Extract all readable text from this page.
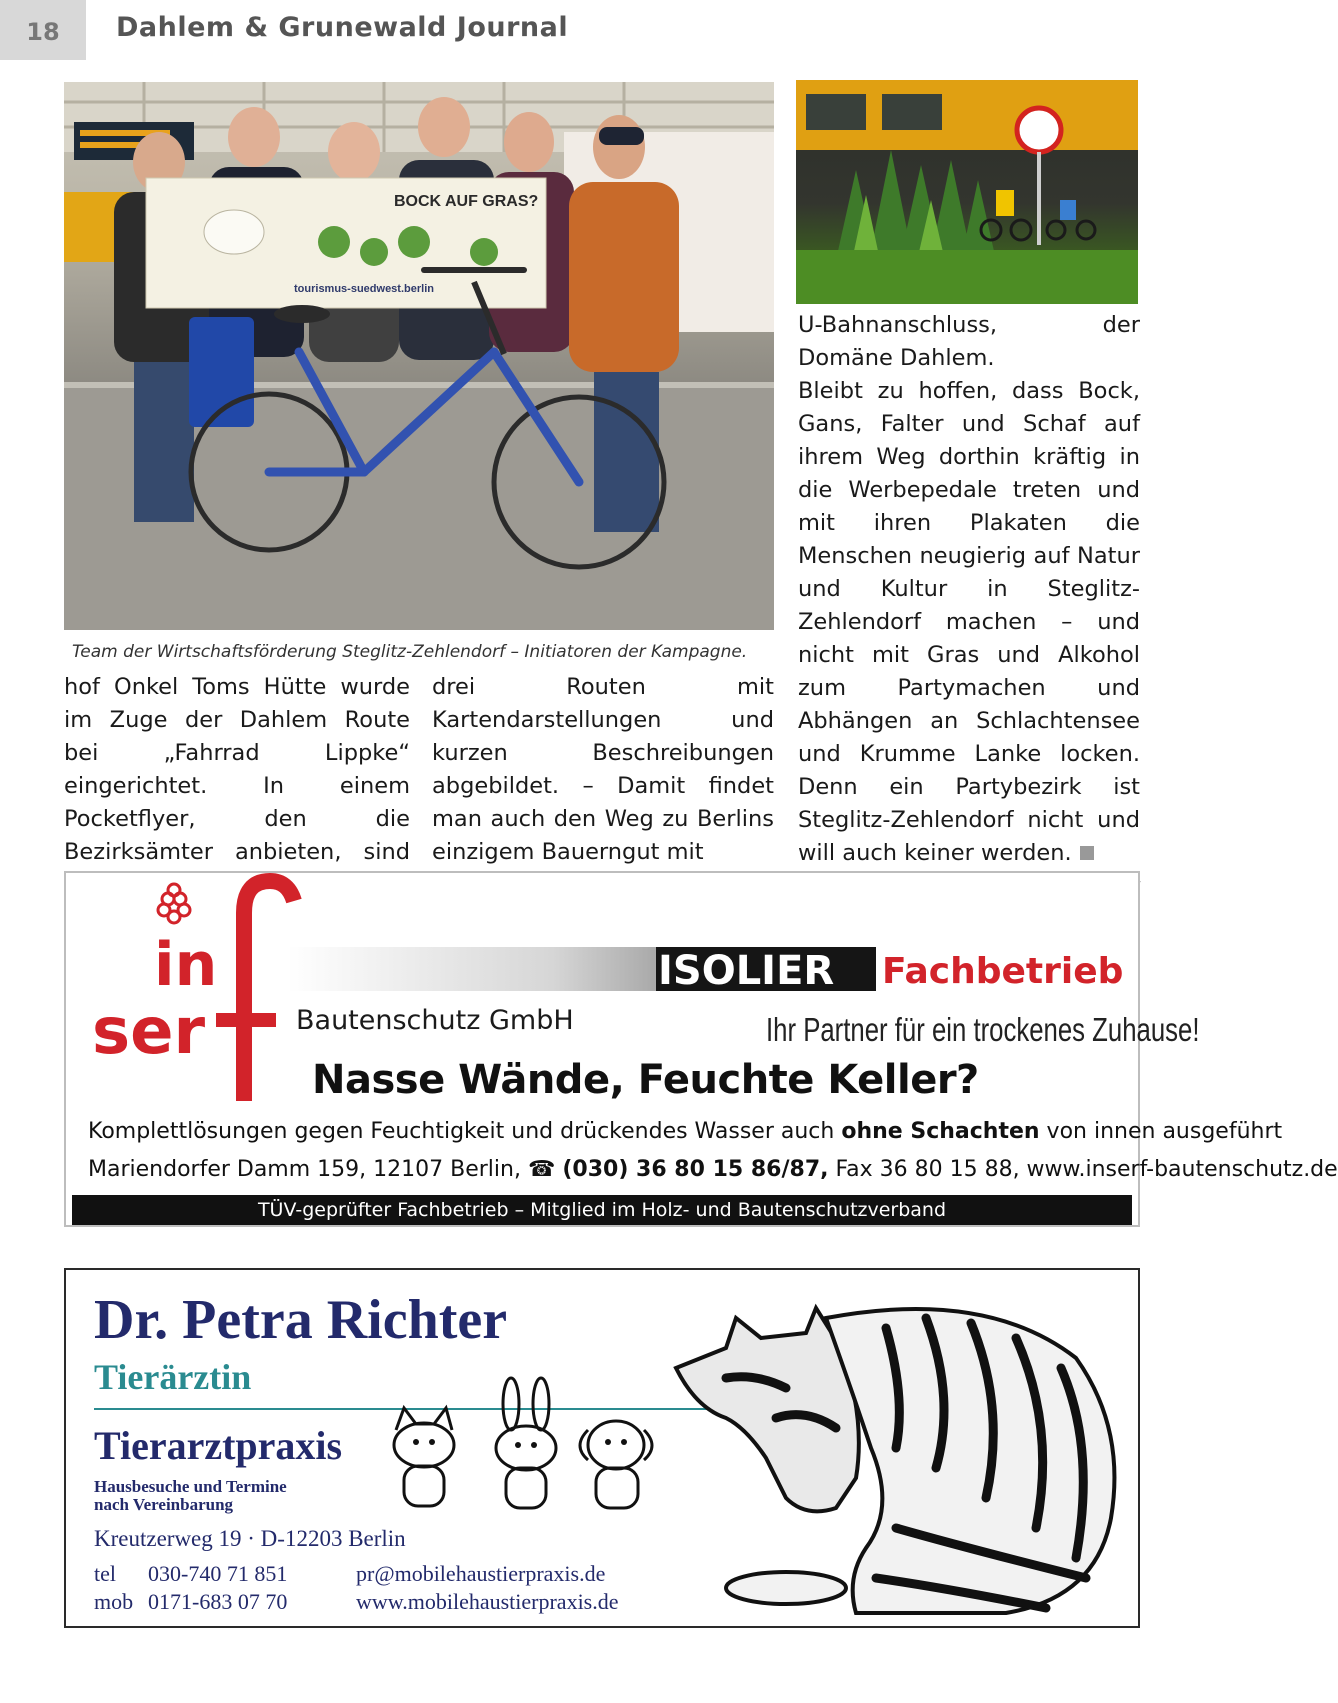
18	Dahlem & Grunewald Journal
BOCK AUF GRAS?
tourismus-suedwest.berlin
Team der Wirtschaftsförderung Steglitz-Zehlendorf – Initiatoren der Kampagne.

hof Onkel Toms Hütte wurde im Zuge der Dahlem Route bei „Fahrrad Lippke“ eingerichtet. In einem Pocketflyer, den die Bezirksämter anbieten, sind

drei Routen mit Kartendarstellungen und kurzen Beschreibungen abgebildet. – Damit findet man auch den Weg zu Berlins einzigem Bauerngut mit

U-Bahnanschluss, der Domäne Dahlem.

Bleibt zu hoffen, dass Bock, Gans, Falter und Schaf auf ihrem Weg dorthin kräftig in die Werbepedale treten und mit ihren Plakaten die Menschen neugierig auf Natur und Kultur in Steglitz-Zehlendorf machen – und nicht mit Gras und Alkohol zum Partymachen und Abhängen an Schlachtensee und Krumme Lanke locken. Denn ein Partybezirk ist Steglitz-Zehlendorf nicht und will auch keiner werden.

in
ser
ISOLIER Fachbetrieb
Bautenschutz GmbH	Ihr Partner für ein trockenes Zuhause!
Nasse Wände, Feuchte Keller?
Komplettlösungen gegen Feuchtigkeit und drückendes Wasser auch ohne Schachten von innen ausgeführt
Mariendorfer Damm 159, 12107 Berlin, ☎ (030) 36 80 15 86/87, Fax 36 80 15 88, www.inserf-bautenschutz.de
TÜV-geprüfter Fachbetrieb – Mitglied im Holz- und Bautenschutzverband
Dr. Petra Richter
Tierärztin
Tierarztpraxis
Hausbesuche und Termine
nach Vereinbarung
Kreutzerweg 19 · D-12203 Berlin
tel 030-740 71 851	pr@mobilehaustierpraxis.de
mob 0171-683 07 70	www.mobilehaustierpraxis.de
